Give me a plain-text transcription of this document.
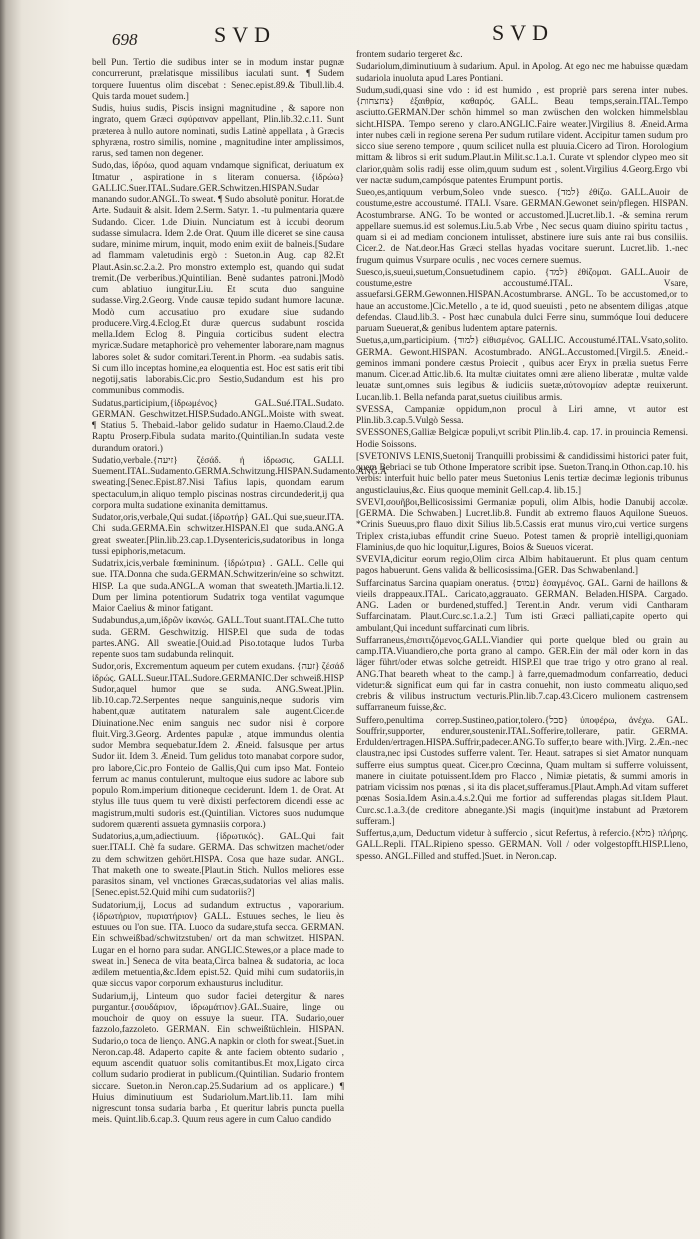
698	SVD	SVD

bell Pun. Tertio die sudibus inter se in modum instar pugnæ concurrerunt, prælatisque missilibus iaculati sunt. ¶ Sudem torquere Iuuentus olim discebat : Senec.epist.89.& Tibull.lib.4. Quis tarda mouet sudem.]

Sudis, huius sudis, Piscis insigni magnitudine , & sapore non ingrato, quem Græci σφύραιναν appellant, Plin.lib.32.c.11. Sunt præterea à nullo autore nominati, sudis Latinè appellata , à Græcis sphyræna, rostro similis, nomine , magnitudine inter amplissimos, rarus, sed tamen non degener.

Sudo,das, ἱδρόω, quod aquam vndamque significat, deriuatum ex Itmatur , aspiratione in s literam conuersa. {ἱδρώω} GALLIC.Suer.ITAL.Sudare.GER.Schwitzen.HISPAN.Sudar manando sudor.ANGL.To sweat. ¶ Sudo absolutè ponitur. Horat.de Arte. Sudauit & alsit. Idem 2.Serm. Satyr. 1. -tu pulmentaria quære Sudando. Cicer. 1.de Diuin. Nunciatum est à iccubi deorum sudasse simulacra. Idem 2.de Orat. Quum ille diceret se sine causa sudare, minime mirum, inquit, modo enim exiit de balneis.[Sudare ad flammam valetudinis ergò : Sueton.in Aug. cap 82.Et Plaut.Asin.sc.2.a.2. Pro monstro extemplo est, quando qui sudat tremit.(De verberibus.)Quintilian. Benè sudantes patroni.]Modò cum ablatiuo iungitur.Liu. Et scuta duo sanguine sudasse.Virg.2.Georg. Vnde causæ tepido sudant humore lacunæ. Modò cum accusatiuo pro exudare siue sudando producere.Virg.4.Eclog.Et duræ quercus sudabunt roscida mella.Idem Eclog 8. Pinguia corticibus sudent electra myricæ.Sudare metaphoricè pro vehementer laborare,nam magnus labores solet & sudor comitari.Terent.in Phorm. -ea sudabis satis. Si cum illo inceptas homine,ea eloquentia est. Hoc est satis erit tibi negotij,satis laborabis.Cic.pro Sestio,Sudandum est his pro communibus commodis.

Sudatus,participium,{ἱδρωμένος} GAL.Sué.ITAL.Sudato. GERMAN. Geschwitzet.HISP.Sudado.ANGL.Moiste with sweat. ¶ Statius 5. Thebaid.-labor gelido sudatur in Haemo.Claud.2.de Raptu Proserp.Fibula sudata marito.(Quintilian.In sudata veste durandum oratori.)

Sudatio,verbale.{זיעה} ζέσάδ. ἡ ἱδρωσις. GALLI. Suement.ITAL.Sudamento.GERMA.Schwitzung.HISPAN.Sudamento.ANG.A sweating.[Senec.Epist.87.Nisi Tafius lapis, quondam earum spectaculum,in aliquo templo piscinas nostras circundederit,ij qua corpora multa sudatione exinanita demittamus.

Sudator,oris,verbale,Qui sudat.{ἱδρωτήρ} GAL.Qui sue,sueur.ITA. Chi suda.GERMA.Ein schwitzer.HISPAN.El que suda.ANG.A great sweater.[Plin.lib.23.cap.1.Dysentericis,sudatoribus in longa tussi epiphoris,metacum.

Sudatrix,icis,verbale fœmininum. {ἱδρώτρια} . GALL. Celle qui sue. ITA.Donna che suda.GERMAN.Schwitzerin/eine so schwitzt. HISP. La que suda.ANGL.A woman that sweateth.]Martia.li.12. Dum per limina potentiorum Sudatrix toga ventilat vagumque Maior Caelius & minor fatigant.

Sudabundus,a,um,ἱδρῶν ἱκανώς. GALL.Tout suant.ITAL.Che tutto suda. GERM. Geschwitzig. HISP.El que suda de todas partes.ANG. All sweatie.[Ouid.ad Piso.totaque ludos Turba repente suos tam sudabunda relinquit.

Sudor,oris, Excrementum aqueum per cutem exudans. {זעה} ζέσάδ ἱδρώς. GALL.Sueur.ITAL.Sudore.GERMANIC.Der schweiß.HISP Sudor,aquel humor que se suda. ANG.Sweat.]Plin. lib.10.cap.72.Serpentes neque sanguinis,neque sudoris vim habent,quæ autitatem naturalem sale augent.Cicer.de Diuinatione.Nec enim sanguis nec sudor nisi è corpore fluit.Virg.3.Georg. Ardentes papulæ , atque immundus olentia sudor Membra sequebatur.Idem 2. Æneid. falsusque per artus Sudor iit. Idem 3. Æneid. Tum gelidus toto manabat corpore sudor, pro labore,Cic.pro Fonteio de Gallis,Qui cum ipso Mat. Fonteio ferrum ac manus contulerunt, multoque eius sudore ac labore sub populo Rom.imperium ditioneque ceciderunt. Idem 1. de Orat. At stylus ille tuus quem tu verè dixisti perfectorem dicendi esse ac magistrum,multi sudoris est.(Quintilian. Victores suos nudumque sudorem quærenti assueta gymnasiis corpora.)

Sudatorius,a,um,adiectiuum. {ἱδρωτικός}. GAL.Qui fait suer.ITALI. Chè fa sudare. GERMA. Das schwitzen machet/oder zu dem schwitzen gehört.HISPA. Cosa que haze sudar. ANGL. That maketh one to sweate.[Plaut.in Stich. Nullos meliores esse parasitos sinam, vel vnctiones Græcas,sudatorias vel alias malis.[Senec.epist.52.Quid mihi cum sudatoriis?]

Sudatorium,ij, Locus ad sudandum extructus , vaporarium. {ἱδρωτήριον, πυριατήριον} GALL. Estuues seches, le lieu ès estuues ou l'on sue. ITA. Luoco da sudare,stufa secca. GERMAN. Ein schweißbad/schwitzstuben/ ort da man schwitzet. HISPAN. Lugar en el horno para sudar. ANGLIC.Stewes,or a place made to sweat in.] Seneca de vita beata,Circa balnea & sudatoria, ac loca ædilem metuentia,&c.Idem epist.52. Quid mihi cum sudatoriis,in quæ siccus vapor corporum exhausturus includitur.

Sudarium,ij, Linteum quo sudor faciei detergitur & nares purgantur.{σουδάριον, ἱδρωμάτιον}.GAL.Suaire, linge ou mouchoir de quoy on essuye la sueur. ITA. Sudario,ouer fazzolo,fazzoleto. GERMAN. Ein schweißtüchlein. HISPAN. Sudario,o toca de lienço. ANG.A napkin or cloth for sweat.[Suet.in Neron.cap.48. Adaperto capite & ante faciem obtento sudario , equum ascendit quatuor solis comitantibus.Et mox,Ligato circa collum sudario prodierat in publicum.(Quintilian. Sudario frontem siccare. Sueton.in Neron.cap.25.Sudarium ad os applicare.) ¶ Huius diminutiuum est Sudariolum.Mart.lib.11. Iam mihi nigrescunt tonsa sudaria barba , Et queritur labris puncta puella meis. Quint.lib.6.cap.3. Quum reus agere in cum Caluo candido

frontem sudario tergeret &c.

Sudariolum,diminutiuum à sudarium. Apul. in Apolog. At ego nec me habuisse quædam sudariola inuoluta apud Lares Pontiani.

Sudum,sudi,quasi sine vdo : id est humido , est propriè pars serena inter nubes.{צחצחות} ἐξαιθρία, καθαρός. GALL. Beau temps,serain.ITAL.Tempo asciutto.GERMAN.Der schön himmel so man zwüschen den wolcken himmelsblau sicht.HISPA. Tempo sereno y claro.ANGLIC.Faire weater.]Virgilius 8. Æneid.Arma inter nubes cæli in regione serena Per sudum rutilare vident. Accipitur tamen sudum pro sicco siue sereno tempore , quum scilicet nulla est pluuia.Cicero ad Tiron. Horologium mittam & libros si erit sudum.Plaut.in Milit.sc.1.a.1. Curate vt splendor clypeo meo sit clarior,quàm solis radij esse olim,quum sudum est , solent.Virgilius 4.Georg.Ergo vbi ver nactæ sudum,campósque patentes Erumpunt portis.

Sueo,es,antiquum verbum,Soleo vnde suesco. {למד} ἐθίζω. GALL.Auoir de coustume,estre accoustumé. ITALI. Vsare. GERMAN.Gewonet sein/pflegen. HISPAN. Acostumbrarse. ANG. To be wonted or accustomed.]Lucret.lib.1. -& semina rerum appellare suemus.id est solemus.Liu.5.ab Vrbe , Nec secus quam diuino spiritu tactus , quam si ei ad mediam concionem intulisset, abstinere iure suis ante rai bus consiliis. Cicer.2. de Nat.deor.Has Græci stellas hyadas vocitare suerunt. Lucret.lib. 1.-nec frugum quimus Vsurpare oculis , nec voces cernere suemus.

Suesco,is,sueui,suetum,Consuetudinem capio. {למד} ἐθίζομαι. GALL.Auoir de coustume,estre accoustumé.ITAL. Vsare, assuefarsi.GERM.Gewonnen.HISPAN.Acostumbrarse. ANGL. To be accustomed,or to haue an accustome.]Cic.Metello , a te id, quod sueuisti , peto ne absentem diligas ,atque defendas. Claud.lib.3. - Post hæc cunabula dulci Ferre sinu, summóque Ioui deducere paruam Sueuerat,& genibus ludentem aptare paternis.

Suetus,a,um,participium. {למוד} εἰθισμένος. GALLIC. Accoustumé.ITAL.Vsato,solito. GERMA. Gewont.HISPAN. Acostumbrado. ANGL.Accustomed.[Virgil.5. Æneid.-geminos immani pondere cæstus Proiecit , quibus acer Eryx in prælia suetus Ferre manum. Cicer.ad Attic.lib.6. Ita multæ ciuitates omni ære alieno liberatæ , multæ valde leuatæ sunt,omnes suis legibus & iudiciis suetæ,αὐτονομίαν adeptæ reuixerunt. Lucan.lib.1. Bella nefanda parat,suetus ciuilibus armis.

SVESSA, Campaniæ oppidum,non procul à Liri amne, vt autor est Plin.lib.3.cap.5.Vulgò Sessa.

SVESSONES,Galliæ Belgicæ populi,vt scribit Plin.lib.4. cap. 17. in prouincia Remensi. Hodie Soissons.

[SVETONIVS LENIS,Suetonij Tranquilli probissimi & candidissimi historici pater fuit, quem Bebriaci se tub Othone Imperatore scribit ipse. Sueton.Tranq.in Othon.cap.10. his verbis: interfuit huic bello pater meus Suetonius Lenis tertiæ decimæ legionis tribunus angusticlauius,&c. Eius quoque meminit Gell.cap.4. lib.15.]

SVEVI,σουῆβοι,Bellicosissimi Germaniæ populi, olim Albis, hodie Danubij accolæ. [GERMA. Die Schwaben.] Lucret.lib.8. Fundit ab extremo flauos Aquilone Sueuos. *Crinis Sueuus,pro flauo dixit Silius lib.5.Cassis erat munus viro,cui vertice surgens Triplex crista,iubas effundit crine Sueuo. Potest tamen & propriè intelligi,quoniam Flaminius,de quo hic loquitur,Ligures, Boios & Sueuos vicerat.

SVEVIA,dicitur eorum regio,Olim circa Albim habitauerunt. Et plus quam centum pagos habuerunt. Gens valida & bellicosissima.[GER. Das Schwabenland.]

Suffarcinatus Sarcina quapiam oneratus. {עמוס} ἐσαγμένος. GAL. Garni de haillons & vieils drappeaux.ITAL. Caricato,aggrauato. GERMAN. Beladen.HISPA. Cargado. ANG. Laden or burdened,stuffed.] Terent.in Andr. verum vidi Cantharam Suffarcinatam. Plaut.Curc.sc.1.a.2.] Tum isti Græci palliati,capite operto qui ambulant,Qui incedunt suffarcinati cum libris.

Suffarraneus,ἐπισιτιζόμενος.GALL.Viandier qui porte quelque bled ou grain au camp.ITA.Viuandiero,che porta grano al campo. GER.Ein der mäl oder korn in das läger führt/oder etwas solche getreidt. HISP.El que trae trigo y otro grano al real. ANG.That beareth wheat to the camp.] à farre,quemadmodum confarreatio, deduci videtur:& significat eum qui far in castra conuehit, non iusto commeatu aliquo,sed crebris & vilibus instructum vecturis.Plin.lib.7.cap.43.Cicero mulionem castrensem suffarraneum fuisse,&c.

Suffero,penultima correp.Sustineo,patior,tolero.{סבל} ὑποφέρω, ἀνέχω. GAL. Souffrir,supporter, endurer,soustenir.ITAL.Sofferire,tollerare, patir. GERMA. Erdulden/ertragen.HISPA.Suffrir,padecer.ANG.To suffer,to beare with.]Virg. 2.Æn.-nec claustra,nec ipsi Custodes sufferre valent. Ter. Heaut. satrapes si siet Amator nunquam sufferre eius sumptus queat. Cicer.pro Cœcinna, Quam multam si sufferre voluissent, manere in ciuitate potuissent.Idem pro Flacco , Nimiæ pietatis, & summi amoris in patriam vicissim nos pœnas , si ita dis placet,sufferamus.[Plaut.Amph.Ad vitam sufferet pœnas Sosia.Idem Asin.a.4.s.2.Qui me fortior ad sufferendas plagas sit.Idem Plaut. Curc.sc.1.a.3.(de creditore abnegante.)Si magis (inquit)me instabunt ad Prætorem sufferam.]

Suffertus,a,um, Deductum videtur à suffercio , sicut Refertus, à refercio.{מלא} πλήρης. GALL.Repli. ITAL.Ripieno spesso. GERMAN. Voll / oder volgestopfft.HISP.Lleno, spesso. ANGL.Filled and stuffed.]Suet. in Neron.cap.
